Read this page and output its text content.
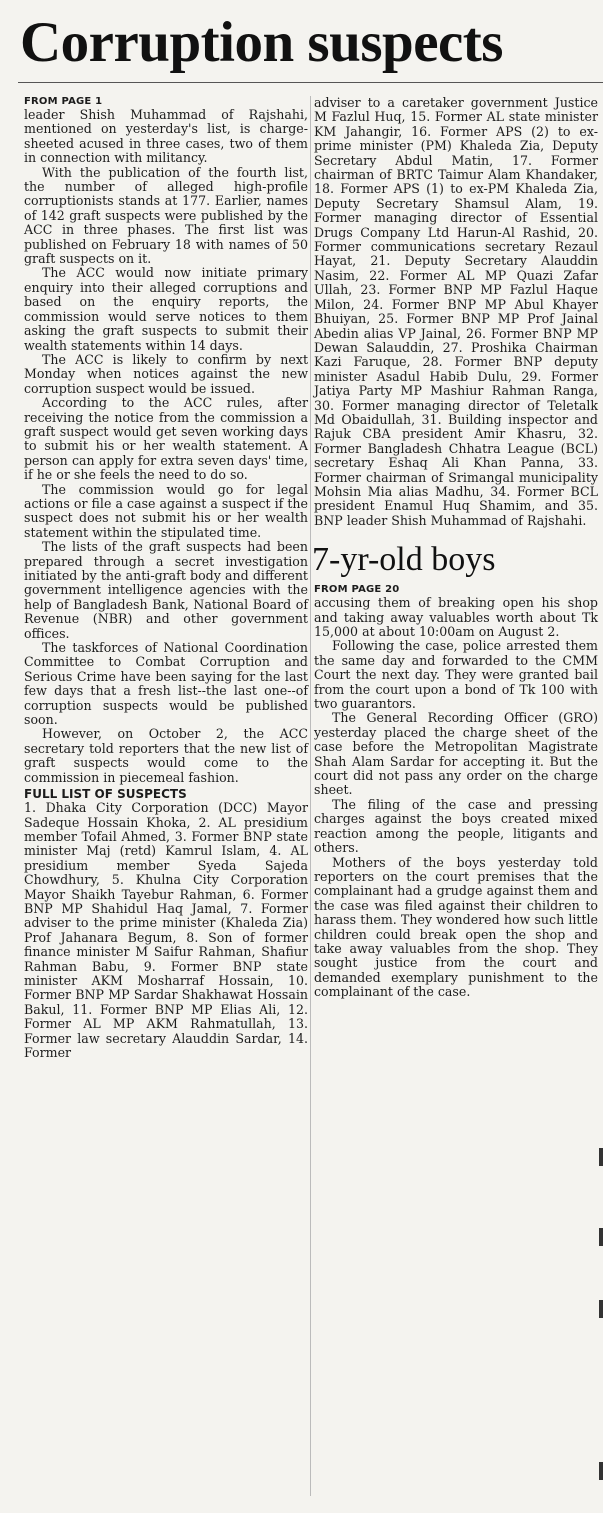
Corruption suspects
FROM PAGE 1

leader Shish Muhammad of Rajshahi, mentioned on yesterday's list, is charge-sheeted acused in three cases, two of them in connection with militancy.

With the publication of the fourth list, the number of alleged high-profile corruptionists stands at 177. Earlier, names of 142 graft suspects were published by the ACC in three phases. The first list was published on February 18 with names of 50 graft suspects on it.

The ACC would now initiate primary enquiry into their alleged corruptions and based on the enquiry reports, the commission would serve notices to them asking the graft suspects to submit their wealth statements within 14 days.

The ACC is likely to confirm by next Monday when notices against the new corruption suspect would be issued.

According to the ACC rules, after receiving the notice from the commission a graft suspect would get seven working days to submit his or her wealth statement. A person can apply for extra seven days' time, if he or she feels the need to do so.

The commission would go for legal actions or file a case against a suspect if the suspect does not submit his or her wealth statement within the stipulated time.

The lists of the graft suspects had been prepared through a secret investigation initiated by the anti-graft body and different government intelligence agencies with the help of Bangladesh Bank, National Board of Revenue (NBR) and other government offices.

The taskforces of National Coordination Committee to Combat Corruption and Serious Crime have been saying for the last few days that a fresh list--the last one--of corruption suspects would be published soon.

However, on October 2, the ACC secretary told reporters that the new list of graft suspects would come to the commission in piecemeal fashion.

FULL LIST OF SUSPECTS

1. Dhaka City Corporation (DCC) Mayor Sadeque Hossain Khoka, 2. AL presidium member Tofail Ahmed, 3. Former BNP state minister Maj (retd) Kamrul Islam, 4. AL presidium member Syeda Sajeda Chowdhury, 5. Khulna City Corporation Mayor Shaikh Tayebur Rahman, 6. Former BNP MP Shahidul Haq Jamal, 7. Former adviser to the prime minister (Khaleda Zia) Prof Jahanara Begum, 8. Son of former finance minister M Saifur Rahman, Shafiur Rahman Babu, 9. Former BNP state minister AKM Mosharraf Hossain, 10. Former BNP MP Sardar Shakhawat Hossain Bakul, 11. Former BNP MP Elias Ali, 12. Former AL MP AKM Rahmatullah, 13. Former law secretary Alauddin Sardar, 14. Former

adviser to a caretaker government Justice M Fazlul Huq, 15. Former AL state minister KM Jahangir, 16. Former APS (2) to ex-prime minister (PM) Khaleda Zia, Deputy Secretary Abdul Matin, 17. Former chairman of BRTC Taimur Alam Khandaker, 18. Former APS (1) to ex-PM Khaleda Zia, Deputy Secretary Shamsul Alam, 19. Former managing director of Essential Drugs Company Ltd Harun-Al Rashid, 20. Former communications secretary Rezaul Hayat, 21. Deputy Secretary Alauddin Nasim, 22. Former AL MP Quazi Zafar Ullah, 23. Former BNP MP Fazlul Haque Milon, 24. Former BNP MP Abul Khayer Bhuiyan, 25. Former BNP MP Prof Jainal Abedin alias VP Jainal, 26. Former BNP MP Dewan Salauddin, 27. Proshika Chairman Kazi Faruque, 28. Former BNP deputy minister Asadul Habib Dulu, 29. Former Jatiya Party MP Mashiur Rahman Ranga, 30. Former managing director of Teletalk Md Obaidullah, 31. Building inspector and Rajuk CBA president Amir Khasru, 32. Former Bangladesh Chhatra League (BCL) secretary Eshaq Ali Khan Panna, 33. Former chairman of Srimangal municipality Mohsin Mia alias Madhu, 34. Former BCL president Enamul Huq Shamim, and 35. BNP leader Shish Muhammad of Rajshahi.

7-yr-old boys
FROM PAGE 20

accusing them of breaking open his shop and taking away valuables worth about Tk 15,000 at about 10:00am on August 2.

Following the case, police arrested them the same day and forwarded to the CMM Court the next day. They were granted bail from the court upon a bond of Tk 100 with two guarantors.

The General Recording Officer (GRO) yesterday placed the charge sheet of the case before the Metropolitan Magistrate Shah Alam Sardar for accepting it. But the court did not pass any order on the charge sheet.

The filing of the case and pressing charges against the boys created mixed reaction among the people, litigants and others.

Mothers of the boys yesterday told reporters on the court premises that the complainant had a grudge against them and the case was filed against their children to harass them. They wondered how such little children could break open the shop and take away valuables from the shop. They sought justice from the court and demanded exemplary punishment to the complainant of the case.
